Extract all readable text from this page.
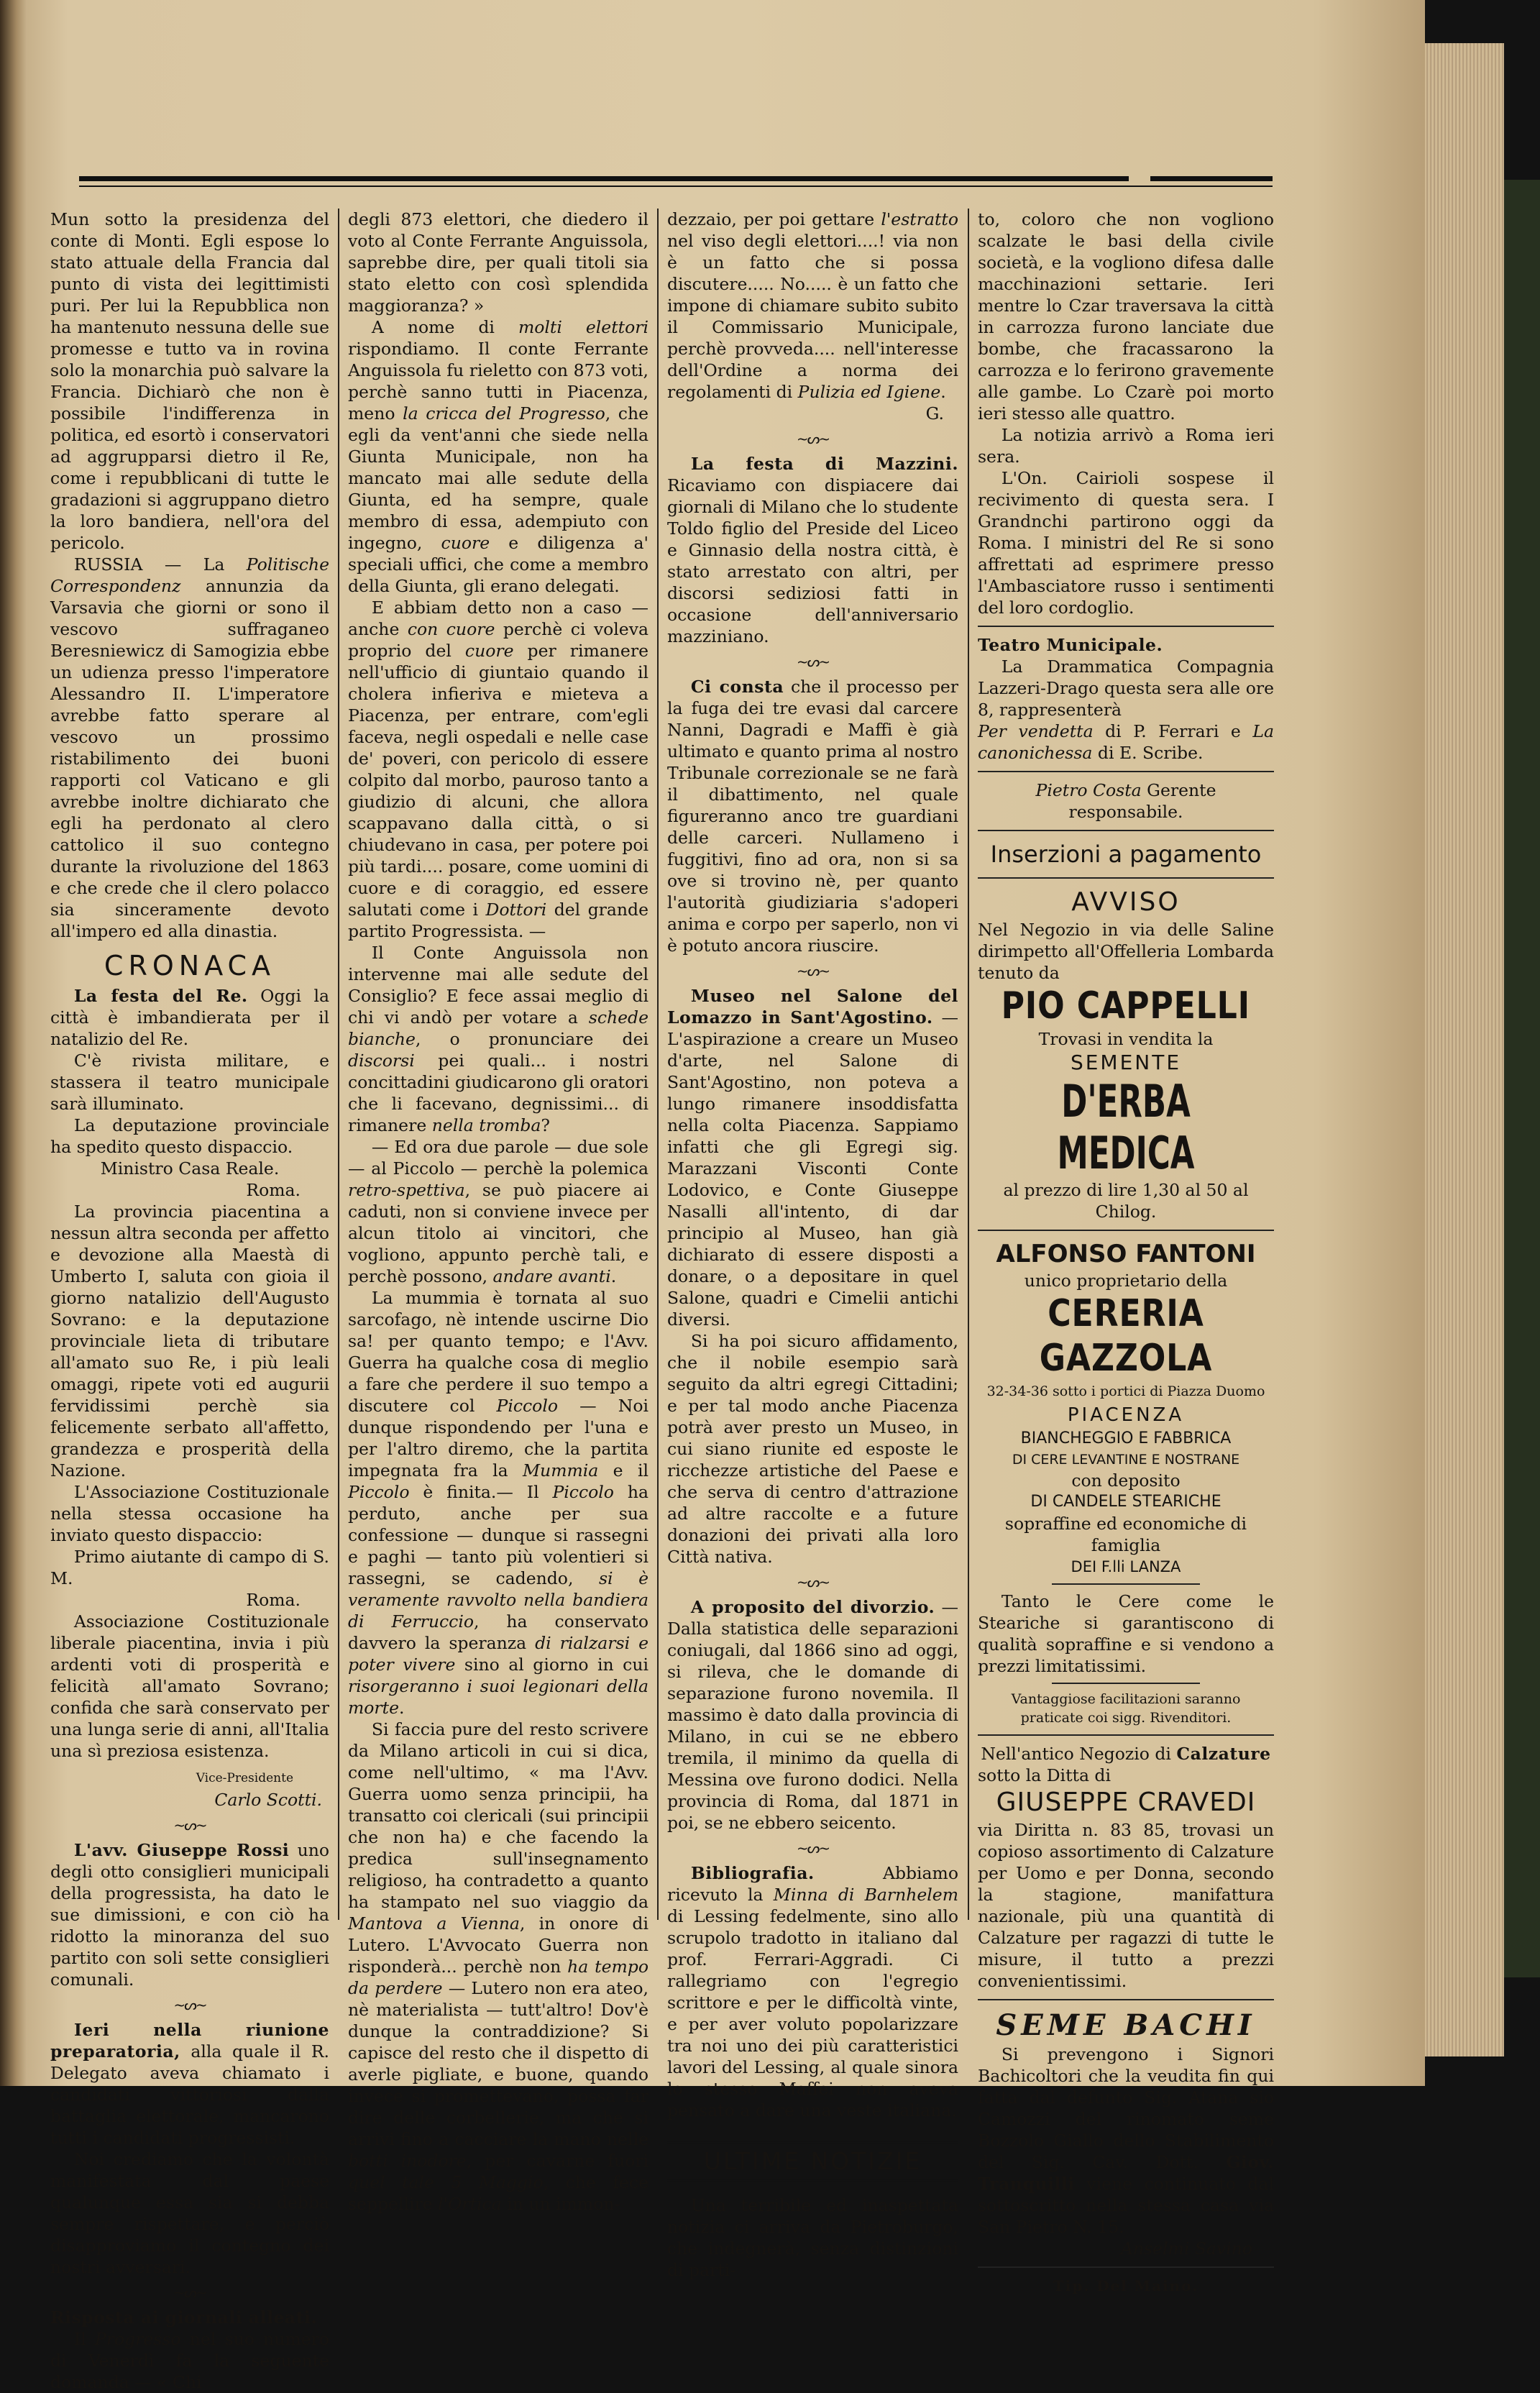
Mun sotto la presidenza del conte di Monti. Egli espose lo stato attuale della Francia dal punto di vista dei legittimisti puri. Per lui la Repubblica non ha mantenuto nessuna delle sue promesse e tutto va in rovina solo la monarchia può salvare la Francia. Dichiarò che non è possibile l'indifferenza in politica, ed esortò i conservatori ad aggrupparsi dietro il Re, come i repubblicani di tutte le gradazioni si aggruppano dietro la loro bandiera, nell'ora del pericolo.

RUSSIA — La Politische Correspondenz annunzia da Varsavia che giorni or sono il vescovo suffraganeo Beresniewicz di Samogizia ebbe un udienza presso l'imperatore Alessandro II. L'imperatore avrebbe fatto sperare al vescovo un prossimo ristabilimento dei buoni rapporti col Vaticano e gli avrebbe inoltre dichiarato che egli ha perdonato al clero cattolico il suo contegno durante la rivoluzione del 1863 e che crede che il clero polacco sia sinceramente devoto all'impero ed alla dinastia.

CRONACA

La festa del Re. Oggi la città è imbandierata per il natalizio del Re.

C'è rivista militare, e stassera il teatro municipale sarà illuminato.

La deputazione provinciale ha spedito questo dispaccio.

Ministro Casa Reale.

Roma.

La provincia piacentina a nessun altra seconda per affetto e devozione alla Maestà di Umberto I, saluta con gioia il giorno natalizio dell'Augusto Sovrano: e la deputazione provinciale lieta di tributare all'amato suo Re, i più leali omaggi, ripete voti ed augurii fervidissimi perchè sia felicemente serbato all'affetto, grandezza e prosperità della Nazione.

L'Associazione Costituzionale nella stessa occasione ha inviato questo dispaccio:

Primo aiutante di campo di S. M.

Roma.

Associazione Costituzionale liberale piacentina, invia i più ardenti voti di prosperità e felicità all'amato Sovrano; confida che sarà conservato per una lunga serie di anni, all'Italia una sì preziosa esistenza.

Vice-Presidente

Carlo Scotti.

~ᔕ~

L'avv. Giuseppe Rossi uno degli otto consiglieri municipali della progressista, ha dato le sue dimissioni, e con ciò ha ridotto la minoranza del suo partito con soli sette consiglieri comunali.

~ᔕ~

Ieri nella riunione preparatoria, alla quale il R. Delegato aveva chiamato i candidati vittoriosi dalla battaglia elettorale, mancarono tutti i candidati progressisti.

Noi crediamo che la volontà manifestata dal paese qualunque essa sia si debba sempre rispettare, e perciò disapproviamo il contegno dei nostri avversari.

~ᔕ~

Risposta ai giornali alleati.

Il Progresso nel suo numero di Venerdì fa la seguente domanda — « Chi

degli 873 elettori, che diedero il voto al Conte Ferrante Anguissola, saprebbe dire, per quali titoli sia stato eletto con così splendida maggioranza? »

A nome di molti elettori rispondiamo. Il conte Ferrante Anguissola fu rieletto con 873 voti, perchè sanno tutti in Piacenza, meno la cricca del Progresso, che egli da vent'anni che siede nella Giunta Municipale, non ha mancato mai alle sedute della Giunta, ed ha sempre, quale membro di essa, adempiuto con ingegno, cuore e diligenza a' speciali uffici, che come a membro della Giunta, gli erano delegati.

E abbiam detto non a caso — anche con cuore perchè ci voleva proprio del cuore per rimanere nell'ufficio di giuntaio quando il cholera infieriva e mieteva a Piacenza, per entrare, com'egli faceva, negli ospedali e nelle case de' poveri, con pericolo di essere colpito dal morbo, pauroso tanto a giudizio di alcuni, che allora scappavano dalla città, o si chiudevano in casa, per potere poi più tardi.... posare, come uomini di cuore e di coraggio, ed essere salutati come i Dottori del grande partito Progressista. —

Il Conte Anguissola non intervenne mai alle sedute del Consiglio? E fece assai meglio di chi vi andò per votare a schede bianche, o pronunciare dei discorsi pei quali... i nostri concittadini giudicarono gli oratori che li facevano, degnissimi... di rimanere nella tromba?

— Ed ora due parole — due sole — al Piccolo — perchè la polemica retro-spettiva, se può piacere ai caduti, non si conviene invece per alcun titolo ai vincitori, che vogliono, appunto perchè tali, e perchè possono, andare avanti.

La mummia è tornata al suo sarcofago, nè intende uscirne Dio sa! per quanto tempo; e l'Avv. Guerra ha qualche cosa di meglio a fare che perdere il suo tempo a discutere col Piccolo — Noi dunque rispondendo per l'una e per l'altro diremo, che la partita impegnata fra la Mummia e il Piccolo è finita.— Il Piccolo ha perduto, anche per sua confessione — dunque si rassegni e paghi — tanto più volentieri si rassegni, se cadendo, si è veramente ravvolto nella bandiera di Ferruccio, ha conservato davvero la speranza di rialzarsi e poter vivere sino al giorno in cui risorgeranno i suoi legionari della morte.

Si faccia pure del resto scrivere da Milano articoli in cui si dica, come nell'ultimo, « ma l'Avv. Guerra uomo senza principii, ha transatto coi clericali (sui principii che non ha) e che facendo la predica sull'insegnamento religioso, ha contradetto a quanto ha stampato nel suo viaggio da Mantova a Vienna, in onore di Lutero. L'Avvocato Guerra non risponderà... perchè non ha tempo da perdere — Lutero non era ateo, nè materialista — tutt'altro! Dov'è dunque la contraddizione? Si capisce del resto che il dispetto di averle pigliate, e buone, quando invece si promettevano, possa far dire delle corbellerie, ma che si arrivi fino a cacciare la mano nelle botti inodore, per cavarne fuori quel tale 5 Maggio, che fece seppellire l'Ortica in un immon-

dezzaio, per poi gettare l'estratto nel viso degli elettori....! via non è un fatto che si possa discutere..... No..... è un fatto che impone di chiamare subito subito il Commissario Municipale, perchè provveda.... nell'interesse dell'Ordine a norma dei regolamenti di Pulizia ed Igiene.

G.

~ᔕ~

La festa di Mazzini. Ricaviamo con dispiacere dai giornali di Milano che lo studente Toldo figlio del Preside del Liceo e Ginnasio della nostra città, è stato arrestato con altri, per discorsi sediziosi fatti in occasione dell'anniversario mazziniano.

~ᔕ~

Ci consta che il processo per la fuga dei tre evasi dal carcere Nanni, Dagradi e Maffi è già ultimato e quanto prima al nostro Tribunale correzionale se ne farà il dibattimento, nel quale figureranno anco tre guardiani delle carceri. Nullameno i fuggitivi, fino ad ora, non si sa ove si trovino nè, per quanto l'autorità giudiziaria s'adoperi anima e corpo per saperlo, non vi è potuto ancora riuscire.

~ᔕ~

Museo nel Salone del Lomazzo in Sant'Agostino. — L'aspirazione a creare un Museo d'arte, nel Salone di Sant'Agostino, non poteva a lungo rimanere insoddisfatta nella colta Piacenza. Sappiamo infatti che gli Egregi sig. Marazzani Visconti Conte Lodovico, e Conte Giuseppe Nasalli all'intento, di dar principio al Museo, han già dichiarato di essere disposti a donare, o a depositare in quel Salone, quadri e Cimelii antichi diversi.

Si ha poi sicuro affidamento, che il nobile esempio sarà seguito da altri egregi Cittadini; e per tal modo anche Piacenza potrà aver presto un Museo, in cui siano riunite ed esposte le ricchezze artistiche del Paese e che serva di centro d'attrazione ad altre raccolte e a future donazioni dei privati alla loro Città nativa.

~ᔕ~

A proposito del divorzio. — Dalla statistica delle separazioni coniugali, dal 1866 sino ad oggi, si rileva, che le domande di separazione furono novemila. Il massimo è dato dalla provincia di Milano, in cui se ne ebbero tremila, il minimo da quella di Messina ove furono dodici. Nella provincia di Roma, dal 1871 in poi, se ne ebbero seicento.

~ᔕ~

Bibliografia. Abbiamo ricevuto la Minna di Barnhelem di Lessing fedelmente, sino allo scrupolo tradotto in italiano dal prof. Ferrari-Aggradi. Ci rallegriamo con l'egregio scrittore e per le difficoltà vinte, e per aver voluto popolarizzare tra noi uno dei più caratteristici lavori del Lessing, al quale sinora lo stesso Maffei non aveva pensato a dare una veste italiana.

ULTIME NOTIZIE

Una terribile ed inaspettata notizia ci arriva da Pietroburgo, che indegnerà, senza distinzioni di parti-

to, coloro che non vogliono scalzate le basi della civile società, e la vogliono difesa dalle macchinazioni settarie. Ieri mentre lo Czar traversava la città in carrozza furono lanciate due bombe, che fracassarono la carrozza e lo ferirono gravemente alle gambe. Lo Czarè poi morto ieri stesso alle quattro.

La notizia arrivò a Roma ieri sera.

L'On. Cairioli sospese il recivimento di questa sera. I Grandnchi partirono oggi da Roma. I ministri del Re si sono affrettati ad esprimere presso l'Ambasciatore russo i sentimenti del loro cordoglio.

Teatro Municipale.

La Drammatica Compagnia Lazzeri-Drago questa sera alle ore 8, rappresenterà

Per vendetta di P. Ferrari e La canonichessa di E. Scribe.

Pietro Costa Gerente responsabile.

Inserzioni a pagamento
AVVISO
Nel Negozio in via delle Saline dirimpetto all'Offelleria Lombarda tenuto da
PIO CAPPELLI
Trovasi in vendita la
SEMENTE
D'ERBA MEDICA
al prezzo di lire 1,30 al 50 al Chilog.
ALFONSO FANTONI
unico proprietario della
CERERIA GAZZOLA
32-34-36 sotto i portici di Piazza Duomo
PIACENZA
BIANCHEGGIO E FABBRICA
DI CERE LEVANTINE E NOSTRANE
con deposito
DI CANDELE STEARICHE
sopraffine ed economiche di famiglia
DEI F.lli LANZA
Tanto le Cere come le Steariche si garantiscono di qualità sopraffine e si vendono a prezzi limitatissimi.
Vantaggiose facilitazioni saranno praticate coi sigg. Rivenditori.
Nell'antico Negozio di Calzature
sotto la Ditta di
GIUSEPPE CRAVEDI
via Diritta n. 83 85, trovasi un copioso assortimento di Calzature per Uomo e per Donna, secondo la stagione, manifattura nazionale, più una quantità di Calzature per ragazzi di tutte le misure, il tutto a prezzi convenientissimi.
SEME BACHI
Si prevengono i Signori Bachicoltori che la veudita fin qui fatta dal defunto Sig. Atana sio Camozzi del rinomato seme Bozzolo Giallo dello Stabilimento del Sig. Cav. Dott. Giov. Tranquilli viene continuato dal sottoscritto nella stessa casa via San Pietro N. 15.
Anselmi Savino
Tip. Del Maino.
